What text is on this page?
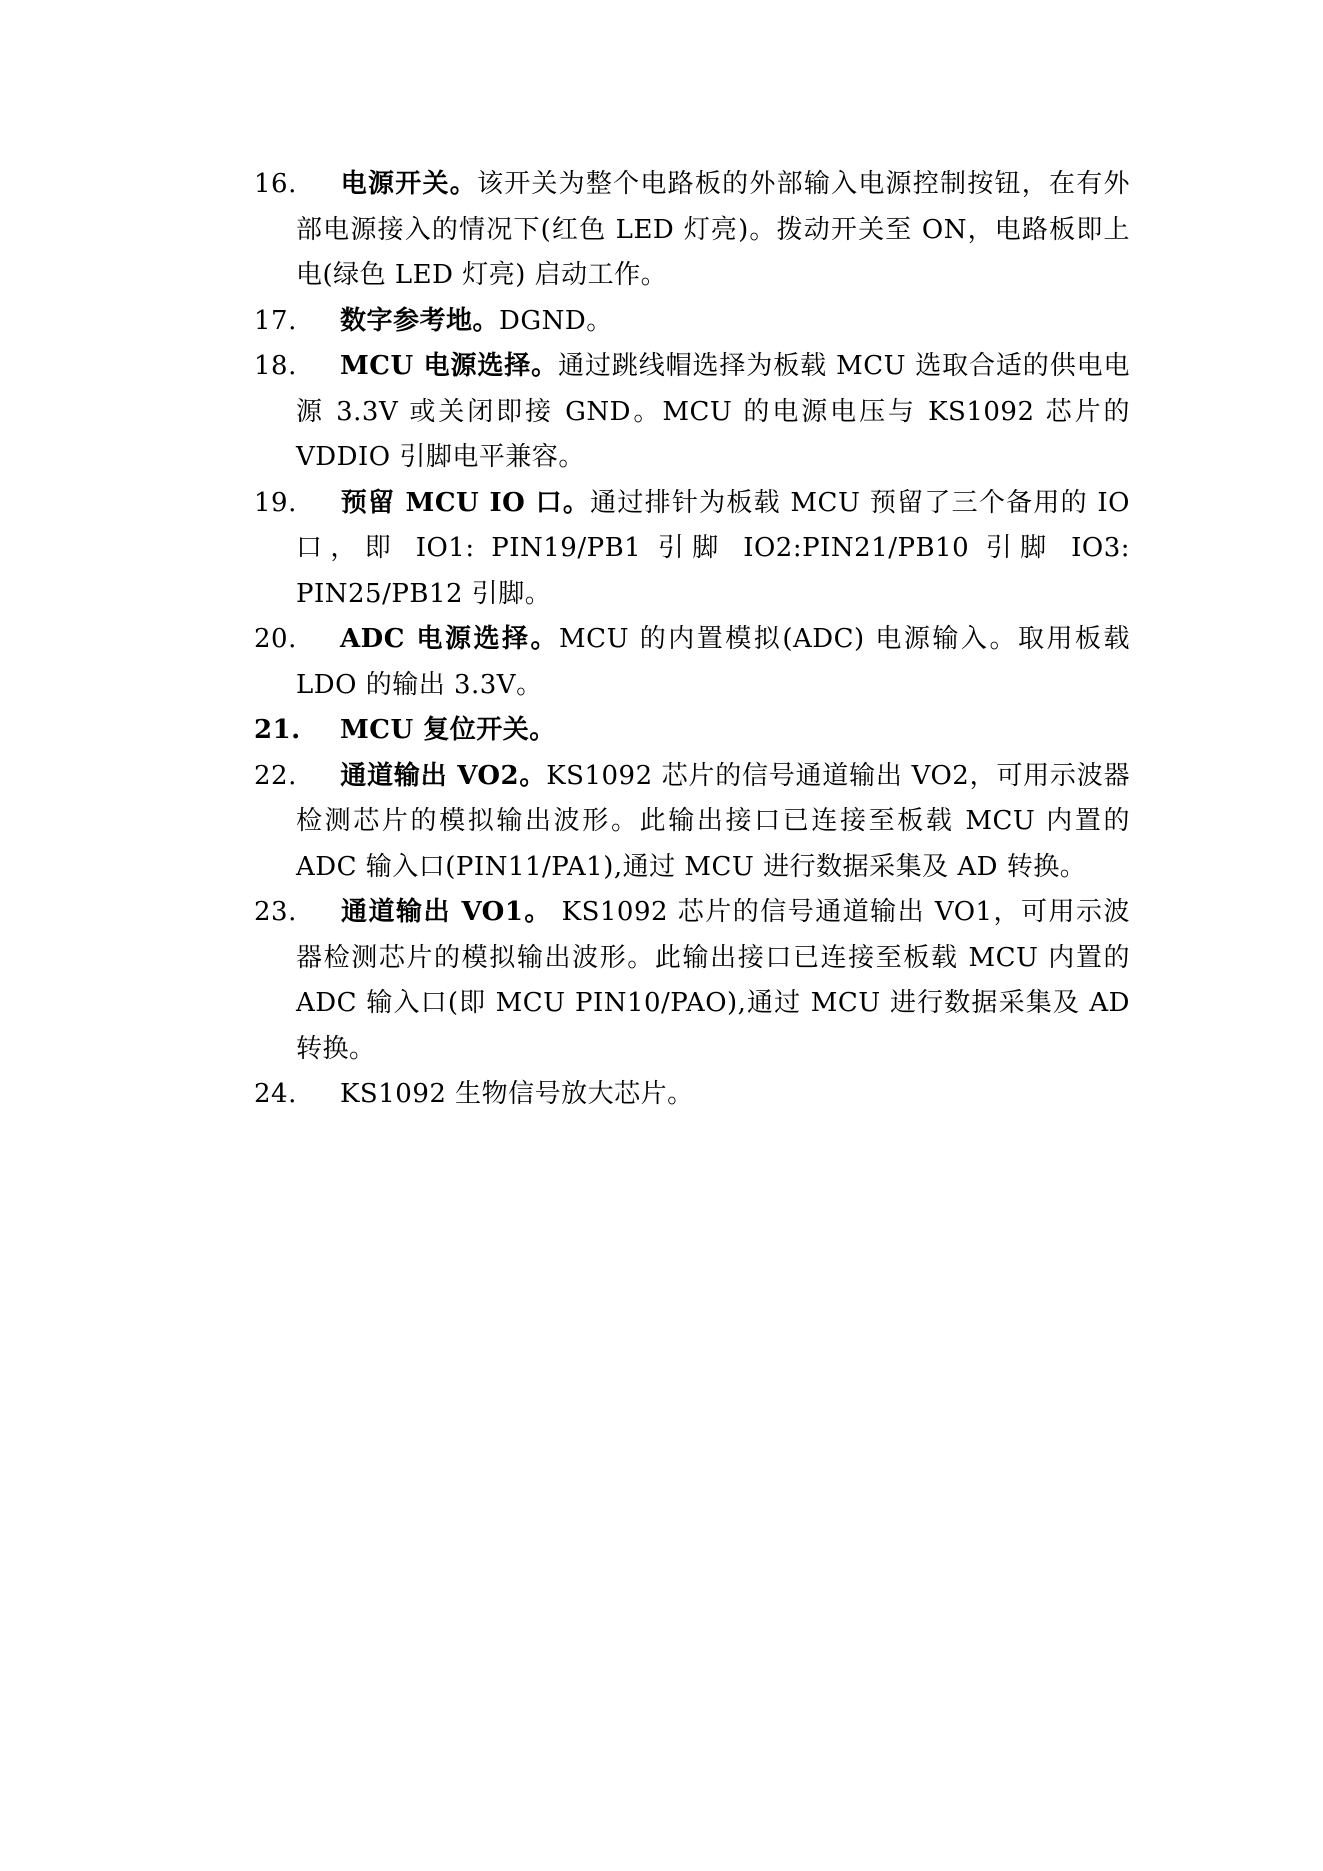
16.	电源开关。该开关为整个电路板的外部输入电源控制按钮，在有外部电源接入的情况下(红色 LED 灯亮)。拨动开关至 ON，电路板即上电(绿色 LED 灯亮) 启动工作。
17.	数字参考地。DGND。
18.	MCU 电源选择。通过跳线帽选择为板载 MCU 选取合适的供电电源 3.3V 或关闭即接 GND。MCU 的电源电压与 KS1092 芯片的 VDDIO 引脚电平兼容。
19.	预留 MCU IO 口。通过排针为板载 MCU 预留了三个备用的 IO 口，即 IO1: PIN19/PB1 引脚 IO2:PIN21/PB10 引脚 IO3: PIN25/PB12 引脚。
20.	ADC 电源选择。MCU 的内置模拟(ADC) 电源输入。取用板载 LDO 的输出 3.3V。
21.	MCU 复位开关。
22.	通道输出 VO2。KS1092 芯片的信号通道输出 VO2，可用示波器检测芯片的模拟输出波形。此输出接口已连接至板载 MCU 内置的 ADC 输入口(PIN11/PA1),通过 MCU 进行数据采集及 AD 转换。
23.	通道输出 VO1。 KS1092 芯片的信号通道输出 VO1，可用示波器检测芯片的模拟输出波形。此输出接口已连接至板载 MCU 内置的 ADC 输入口(即 MCU PIN10/PAO),通过 MCU 进行数据采集及 AD 转换。
24.	KS1092 生物信号放大芯片。
